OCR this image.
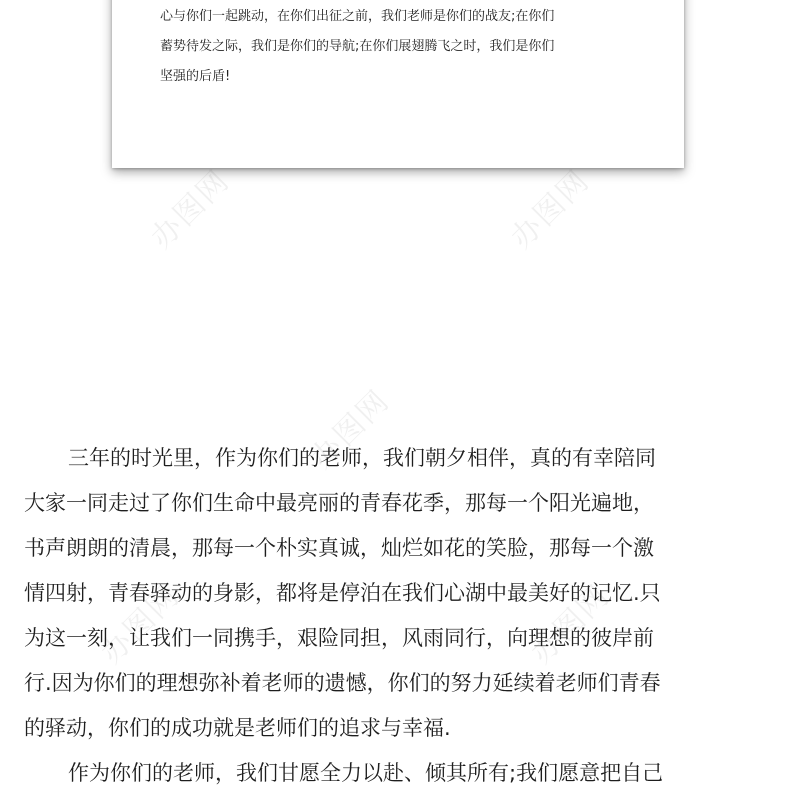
心与你们一起跳动，在你们出征之前，我们老师是你们的战友;在你们
蓄势待发之际，我们是你们的导航;在你们展翅腾飞之时，我们是你们
坚强的后盾!
办图网	办图网
办图网
办图网	办图网
三年的时光里，作为你们的老师，我们朝夕相伴，真的有幸陪同
大家一同走过了你们生命中最亮丽的青春花季，那每一个阳光遍地，
书声朗朗的清晨，那每一个朴实真诚，灿烂如花的笑脸，那每一个激
情四射，青春驿动的身影，都将是停泊在我们心湖中最美好的记忆.只
为这一刻，让我们一同携手，艰险同担，风雨同行，向理想的彼岸前
行.因为你们的理想弥补着老师的遗憾，你们的努力延续着老师们青春
的驿动，你们的成功就是老师们的追求与幸福.
作为你们的老师，我们甘愿全力以赴、倾其所有;我们愿意把自己
